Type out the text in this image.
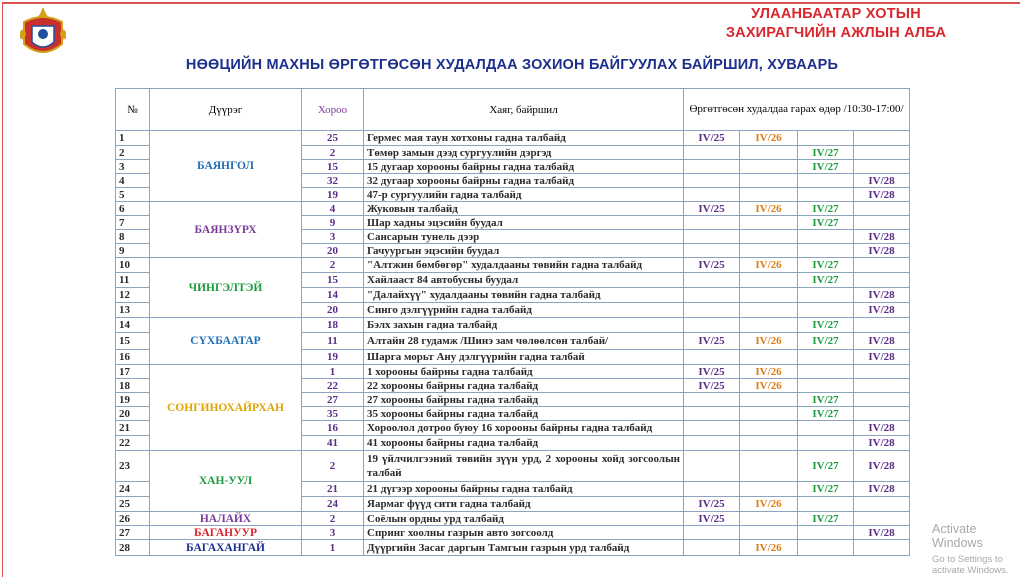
УЛААНБААТАР ХОТЫН
ЗАХИРАГЧИЙН АЖЛЫН АЛБА
НӨӨЦИЙН МАХНЫ ӨРГӨТГӨСӨН ХУДАЛДАА ЗОХИОН БАЙГУУЛАХ БАЙРШИЛ, ХУВААРЬ
№	Дүүрэг	Хороо	Хаяг, байршил	Өргөтгөсөн худалдаа гарах өдөр /10:30-17:00/			
1	БАЯНГОЛ	25	Гермес мая таун хотхоны гадна талбайд	IV/25	IV/26		
2		2	Төмөр замын дээд сургуулийн дэргэд			IV/27	
3		15	15 дугаар хорооны байрны гадна талбайд			IV/27	
4		32	32 дугаар хорооны байрны гадна талбайд				IV/28
5		19	47-р сургуулийн гадна талбайд				IV/28
6	БАЯНЗҮРХ	4	Жуковын талбайд	IV/25	IV/26	IV/27	
7		9	Шар хадны эцэсийн буудал			IV/27	
8		3	Сансарын тунель дээр				IV/28
9		20	Гачуургын эцэсийн буудал				IV/28
10	ЧИНГЭЛТЭЙ	2	"Алтжин бөмбөгөр" худалдааны төвийн гадна талбайд	IV/25	IV/26	IV/27	
11		15	Хайлааст 84 автобусны буудал			IV/27	
12		14	"Далайхүү" худалдааны төвийн гадна талбайд				IV/28
13		20	Синго дэлгүүрийн гадна талбайд				IV/28
14	СҮХБААТАР	18	Бэлх захын гадна талбайд			IV/27	
15		11	Алтайн 28 гудамж /Шинэ зам чөлөөлсөн талбай/	IV/25	IV/26	IV/27	IV/28
16		19	Шарга морьт Ану дэлгүүрийн гадна талбай				IV/28
17	СОНГИНОХАЙРХАН	1	1 хорооны байрны гадна талбайд	IV/25	IV/26		
18		22	22 хорооны байрны гадна талбайд	IV/25	IV/26		
19		27	27 хорооны байрны гадна талбайд			IV/27	
20		35	35 хорооны байрны гадна талбайд			IV/27	
21		16	Хороолол дотроо буюу 16 хорооны байрны гадна талбайд				IV/28
22		41	41 хорооны байрны гадна талбайд				IV/28
23	ХАН-УУЛ	2	19 үйлчилгээний төвийн зүүн урд, 2 хорооны хойд зогсоолын талбай			IV/27	IV/28
24		21	21 дүгээр хорооны байрны гадна талбайд			IV/27	IV/28
25		24	Яармаг фүүд сити гадна талбайд	IV/25	IV/26		
26	НАЛАЙХ	2	Соёлын ордны урд талбайд	IV/25		IV/27	
27	БАГАНУУР	3	Спринг хоолны газрын авто зогсоолд				IV/28
28	БАГАХАНГАЙ	1	Дүүргийн Засаг даргын Тамгын газрын урд талбайд		IV/26		
Activate Windows
Go to Settings to activate Windows.
